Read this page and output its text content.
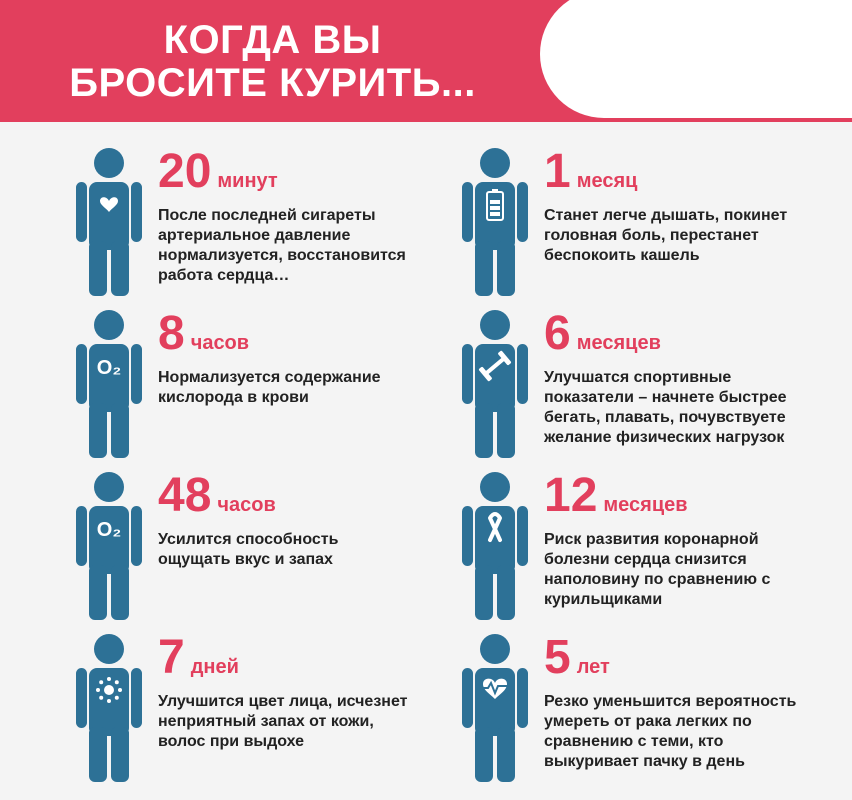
КОГДА ВЫ
БРОСИТЕ КУРИТЬ...
20 минут
После последней сигареты артериальное давление нормализуется, восстановится работа сердца…
O₂
8 часов
Нормализуется содержание кислорода в крови
O₂
48 часов
Усилится способность ощущать вкус и запах
7 дней
Улучшится цвет лица, исчезнет неприятный запах от кожи, волос при выдохе
1 месяц
Станет легче дышать, покинет головная боль, перестанет беспокоить кашель
6 месяцев
Улучшатся спортивные показатели – начнете быстрее бегать, плавать, почувствуете желание физических нагрузок
12 месяцев
Риск развития коронарной болезни сердца снизится наполовину по сравнению с курильщиками
5 лет
Резко уменьшится вероятность умереть от рака легких по сравнению с теми, кто выкуривает пачку в день
